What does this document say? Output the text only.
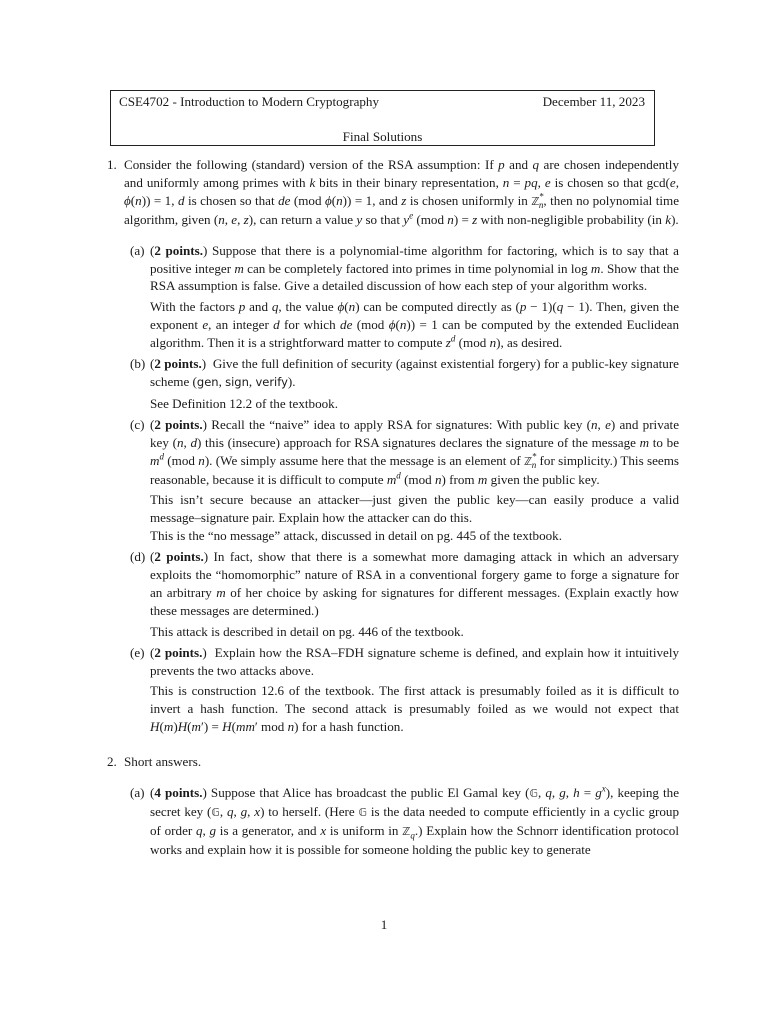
CSE4702 - Introduction to Modern Cryptography	December 11, 2023
Final Solutions
1. Consider the following (standard) version of the RSA assumption: If p and q are chosen independently and uniformly among primes with k bits in their binary representation, n = pq, e is chosen so that gcd(e, ϕ(n)) = 1, d is chosen so that de (mod ϕ(n)) = 1, and z is chosen uniformly in ℤ*$_n$, then no polynomial time algorithm, given (n, e, z), can return a value y so that $y^e$ (mod n) = z with non-negligible probability (in k).

(a) (2 points.) Suppose that there is a polynomial-time algorithm for factoring, which is to say that a positive integer m can be completely factored into primes in time polynomial in log m. Show that the RSA assumption is false. Give a detailed discussion of how each step of your algorithm works.

With the factors p and q, the value ϕ(n) can be computed directly as (p − 1)(q − 1). Then, given the exponent e, an integer d for which de (mod ϕ(n)) = 1 can be computed by the extended Euclidean algorithm. Then it is a strightforward matter to compute $z^d$ (mod n), as desired.

(b) (2 points.)  Give the full definition of security (against existential forgery) for a public-key signature scheme (gen, sign, verify).

See Definition 12.2 of the textbook.

(c) (2 points.) Recall the “naive” idea to apply RSA for signatures: With public key (n, e) and private key (n, d) this (insecure) approach for RSA signatures declares the signature of the message m to be $m^d$ (mod n). (We simply assume here that the message is an element of ℤ*$_n$ for simplicity.) This seems reasonable, because it is difficult to compute $m^d$ (mod n) from m given the public key.

This isn’t secure because an attacker—just given the public key—can easily produce a valid message–signature pair. Explain how the attacker can do this.
This is the “no message” attack, discussed in detail on pg. 445 of the textbook.

(d) (2 points.) In fact, show that there is a somewhat more damaging attack in which an adversary exploits the “homomorphic” nature of RSA in a conventional forgery game to forge a signature for an arbitrary m of her choice by asking for signatures for different messages. (Explain exactly how these messages are determined.)

This attack is described in detail on pg. 446 of the textbook.

(e) (2 points.)  Explain how the RSA–FDH signature scheme is defined, and explain how it intuitively prevents the two attacks above.

This is construction 12.6 of the textbook. The first attack is presumably foiled as it is difficult to invert a hash function. The second attack is presumably foiled as we would not expect that H(m)H(m′) = H(mm′ mod n) for a hash function.

2. Short answers.

(a) (4 points.) Suppose that Alice has broadcast the public El Gamal key (𝔾, q, g, $h = g^x$), keeping the secret key (𝔾, q, g, x) to herself. (Here 𝔾 is the data needed to compute efficiently in a cyclic group of order q, g is a generator, and x is uniform in ℤ$_q$.) Explain how the Schnorr identification protocol works and explain how it is possible for someone holding the public key to generate

1
